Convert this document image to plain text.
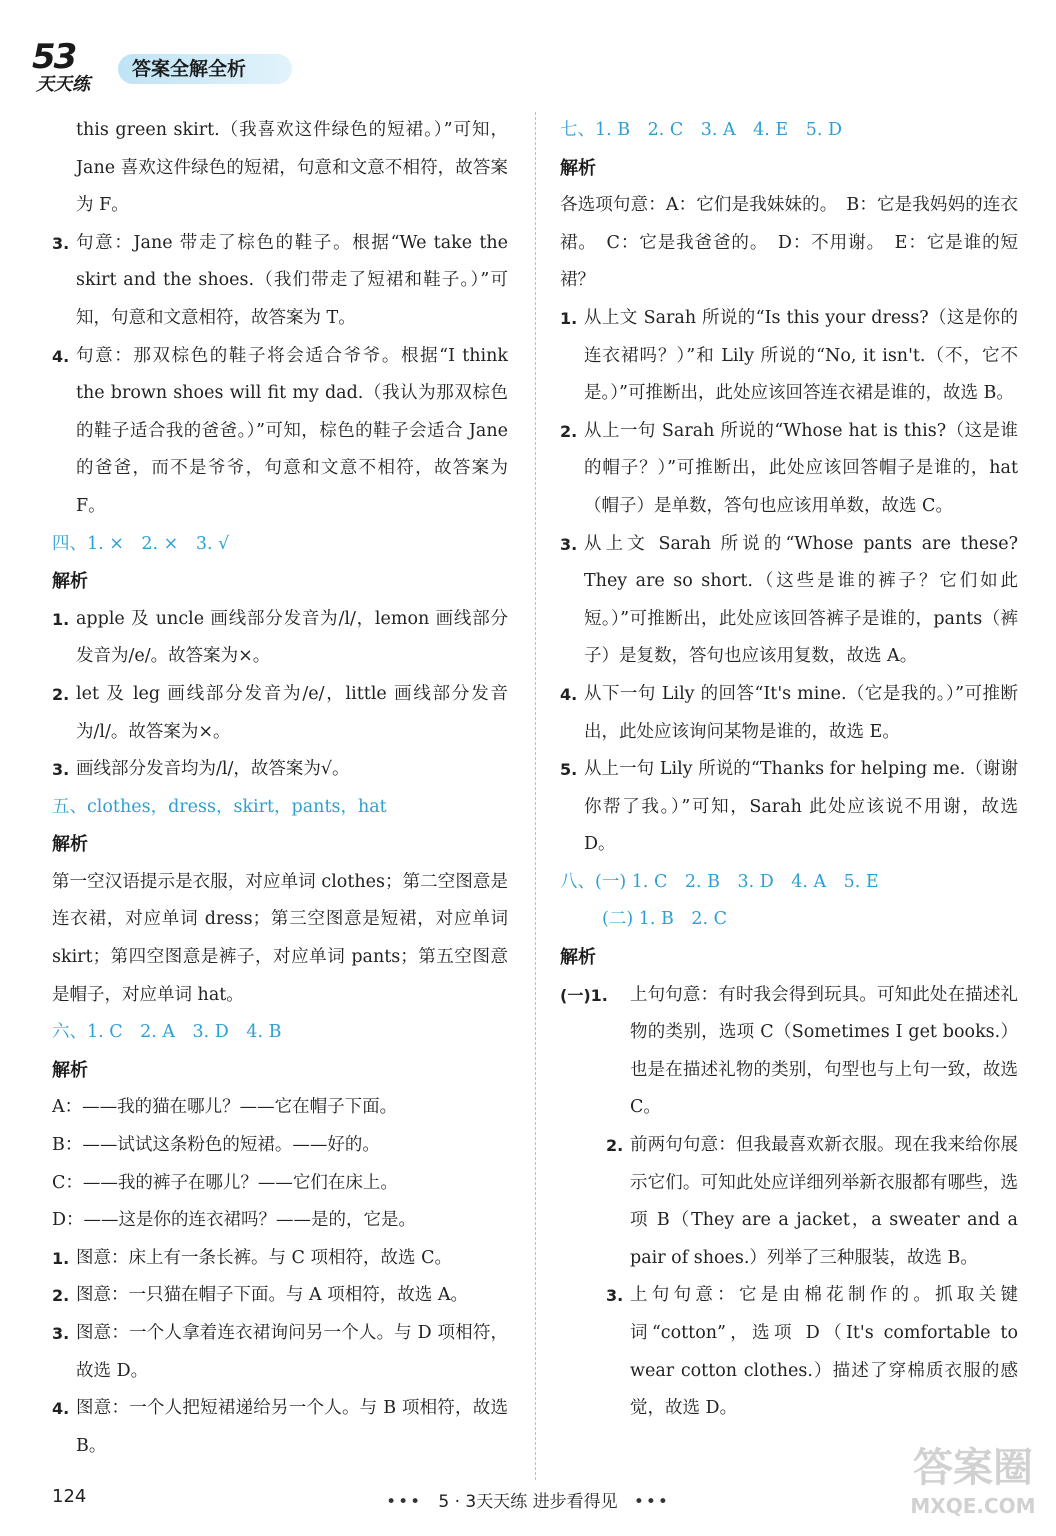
53
天天练
答案全解全析

this green skirt.（我喜欢这件绿色的短裙。）”可知，Jane 喜欢这件绿色的短裙，句意和文意不相符，故答案为 F。

3. 句意：Jane 带走了棕色的鞋子。根据“We take the skirt and the shoes.（我们带走了短裙和鞋子。）”可知，句意和文意相符，故答案为 T。
4. 句意：那双棕色的鞋子将会适合爷爷。根据“I think the brown shoes will fit my dad.（我认为那双棕色的鞋子适合我的爸爸。）”可知，棕色的鞋子会适合 Jane 的爸爸，而不是爷爷，句意和文意不相符，故答案为 F。

四、1. ×　2. ×　3. √

解析

1. apple 及 uncle 画线部分发音为/l/，lemon 画线部分发音为/e/。故答案为×。
2. let 及 leg 画线部分发音为/e/，little 画线部分发音为/l/。故答案为×。
3. 画线部分发音均为/l/，故答案为√。

五、clothes，dress，skirt，pants，hat

解析

第一空汉语提示是衣服，对应单词 clothes；第二空图意是连衣裙，对应单词 dress；第三空图意是短裙，对应单词 skirt；第四空图意是裤子，对应单词 pants；第五空图意是帽子，对应单词 hat。

六、1. C　2. A　3. D　4. B

解析

A：——我的猫在哪儿？——它在帽子下面。

B：——试试这条粉色的短裙。——好的。

C：——我的裤子在哪儿？——它们在床上。

D：——这是你的连衣裙吗？——是的，它是。

1. 图意：床上有一条长裤。与 C 项相符，故选 C。
2. 图意：一只猫在帽子下面。与 A 项相符，故选 A。
3. 图意：一个人拿着连衣裙询问另一个人。与 D 项相符，故选 D。
4. 图意：一个人把短裙递给另一个人。与 B 项相符，故选 B。

七、1. B　2. C　3. A　4. E　5. D

解析

各选项句意：A：它们是我妹妹的。　B：它是我妈妈的连衣裙。　C：它是我爸爸的。　D：不用谢。　E：它是谁的短裙？

1. 从上文 Sarah 所说的“Is this your dress?（这是你的连衣裙吗？）”和 Lily 所说的“No, it isn't.（不，它不是。）”可推断出，此处应该回答连衣裙是谁的，故选 B。
2. 从上一句 Sarah 所说的“Whose hat is this?（这是谁的帽子？）”可推断出，此处应该回答帽子是谁的，hat（帽子）是单数，答句也应该用单数，故选 C。
3. 从上文 Sarah 所说的“Whose pants are these? They are so short.（这些是谁的裤子？它们如此短。）”可推断出，此处应该回答裤子是谁的，pants（裤子）是复数，答句也应该用复数，故选 A。
4. 从下一句 Lily 的回答“It's mine.（它是我的。）”可推断出，此处应该询问某物是谁的，故选 E。
5. 从上一句 Lily 所说的“Thanks for helping me.（谢谢你帮了我。）”可知，Sarah 此处应该说不用谢，故选 D。

八、(一) 1. C　2. B　3. D　4. A　5. E

(二) 1. B　2. C

解析

(一)1. 上句句意：有时我会得到玩具。可知此处在描述礼物的类别，选项 C（Sometimes I get books.）也是在描述礼物的类别，句型也与上句一致，故选 C。
2. 前两句句意：但我最喜欢新衣服。现在我来给你展示它们。可知此处应详细列举新衣服都有哪些，选项 B（They are a jacket，a sweater and a pair of shoes.）列举了三种服装，故选 B。
3. 上句句意：它是由棉花制作的。抓取关键词“cotton”，选项 D（It's comfortable to wear cotton clothes.）描述了穿棉质衣服的感觉，故选 D。
124	••• 5 · 3天天练 进步看得见 •••
答案圈
MXQE.COM
